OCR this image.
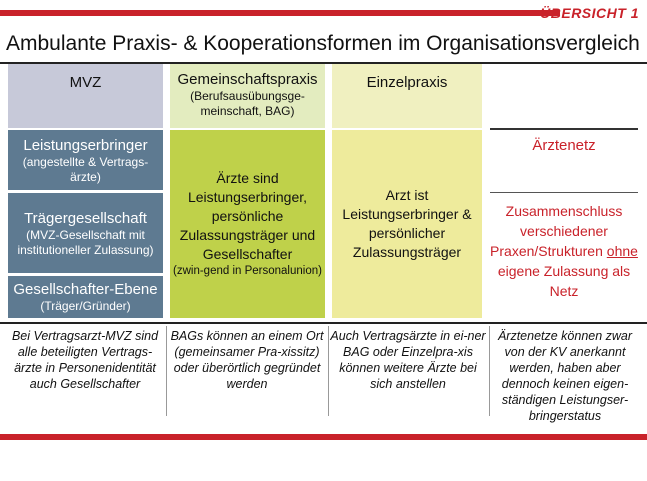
ÜBERSICHT 1
Ambulante Praxis- & Kooperationsformen im Organisationsvergleich
MVZ
Leistungserbringer
(angestellte & Vertrags-ärzte)
Trägergesellschaft
(MVZ-Gesellschaft mit institutioneller Zulassung)
Gesellschafter-Ebene
(Träger/Gründer)
Gemeinschaftspraxis
(Berufsausübungsge-meinschaft, BAG)
Ärzte sind Leistungserbringer, persönliche Zulassungsträger und Gesellschafter
(zwin-gend in Personalunion)
Einzelpraxis
Arzt ist Leistungserbringer & persönlicher Zulassungsträger
Ärztenetz
Zusammenschluss verschiedener Praxen/Strukturen ohne eigene Zulassung als Netz
Bei Vertragsarzt-MVZ sind alle beteiligten Vertrags-ärzte in Personenidentität auch Gesellschafter
BAGs können an einem Ort (gemeinsamer Pra-xissitz) oder überörtlich gegründet werden
Auch Vertragsärzte in ei-ner BAG oder Einzelpra-xis können weitere Ärzte bei sich anstellen
Ärztenetze können zwar von der KV anerkannt werden, haben aber dennoch keinen eigen-ständigen Leistungser-bringerstatus
